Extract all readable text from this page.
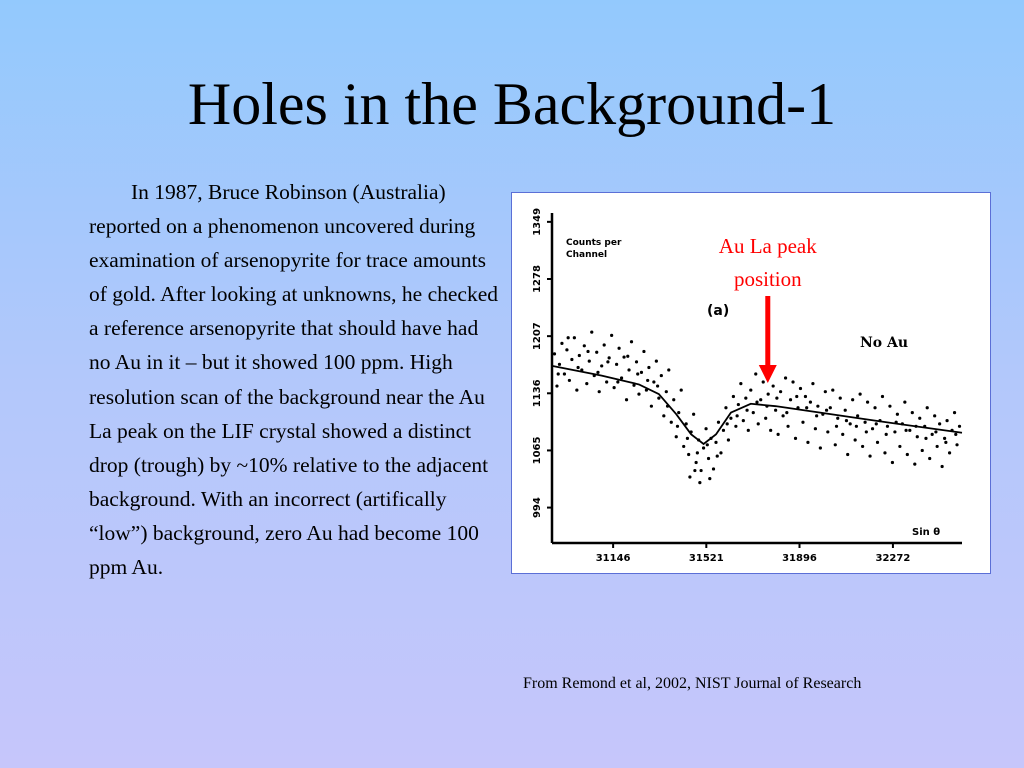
Holes in the Background-1
In 1987, Bruce Robinson (Australia) reported on a phenomenon uncovered during examination of arsenopyrite for trace amounts of gold. After looking at unknowns, he checked a reference arsenopyrite that should have had no Au in it – but it showed 100 ppm. High resolution scan of the background near the Au La peak on the LIF crystal showed a distinct drop (trough) by ~10% relative to the adjacent background. With an incorrect (artifically “low”) background, zero Au had become 100 ppm Au.
1349
1278
1207
1136
1065
994
31146	31521	31896	32272
Counts per
Channel
Sin θ
(a)
No Au
Au La peak
position
From Remond et al, 2002, NIST Journal of Research
